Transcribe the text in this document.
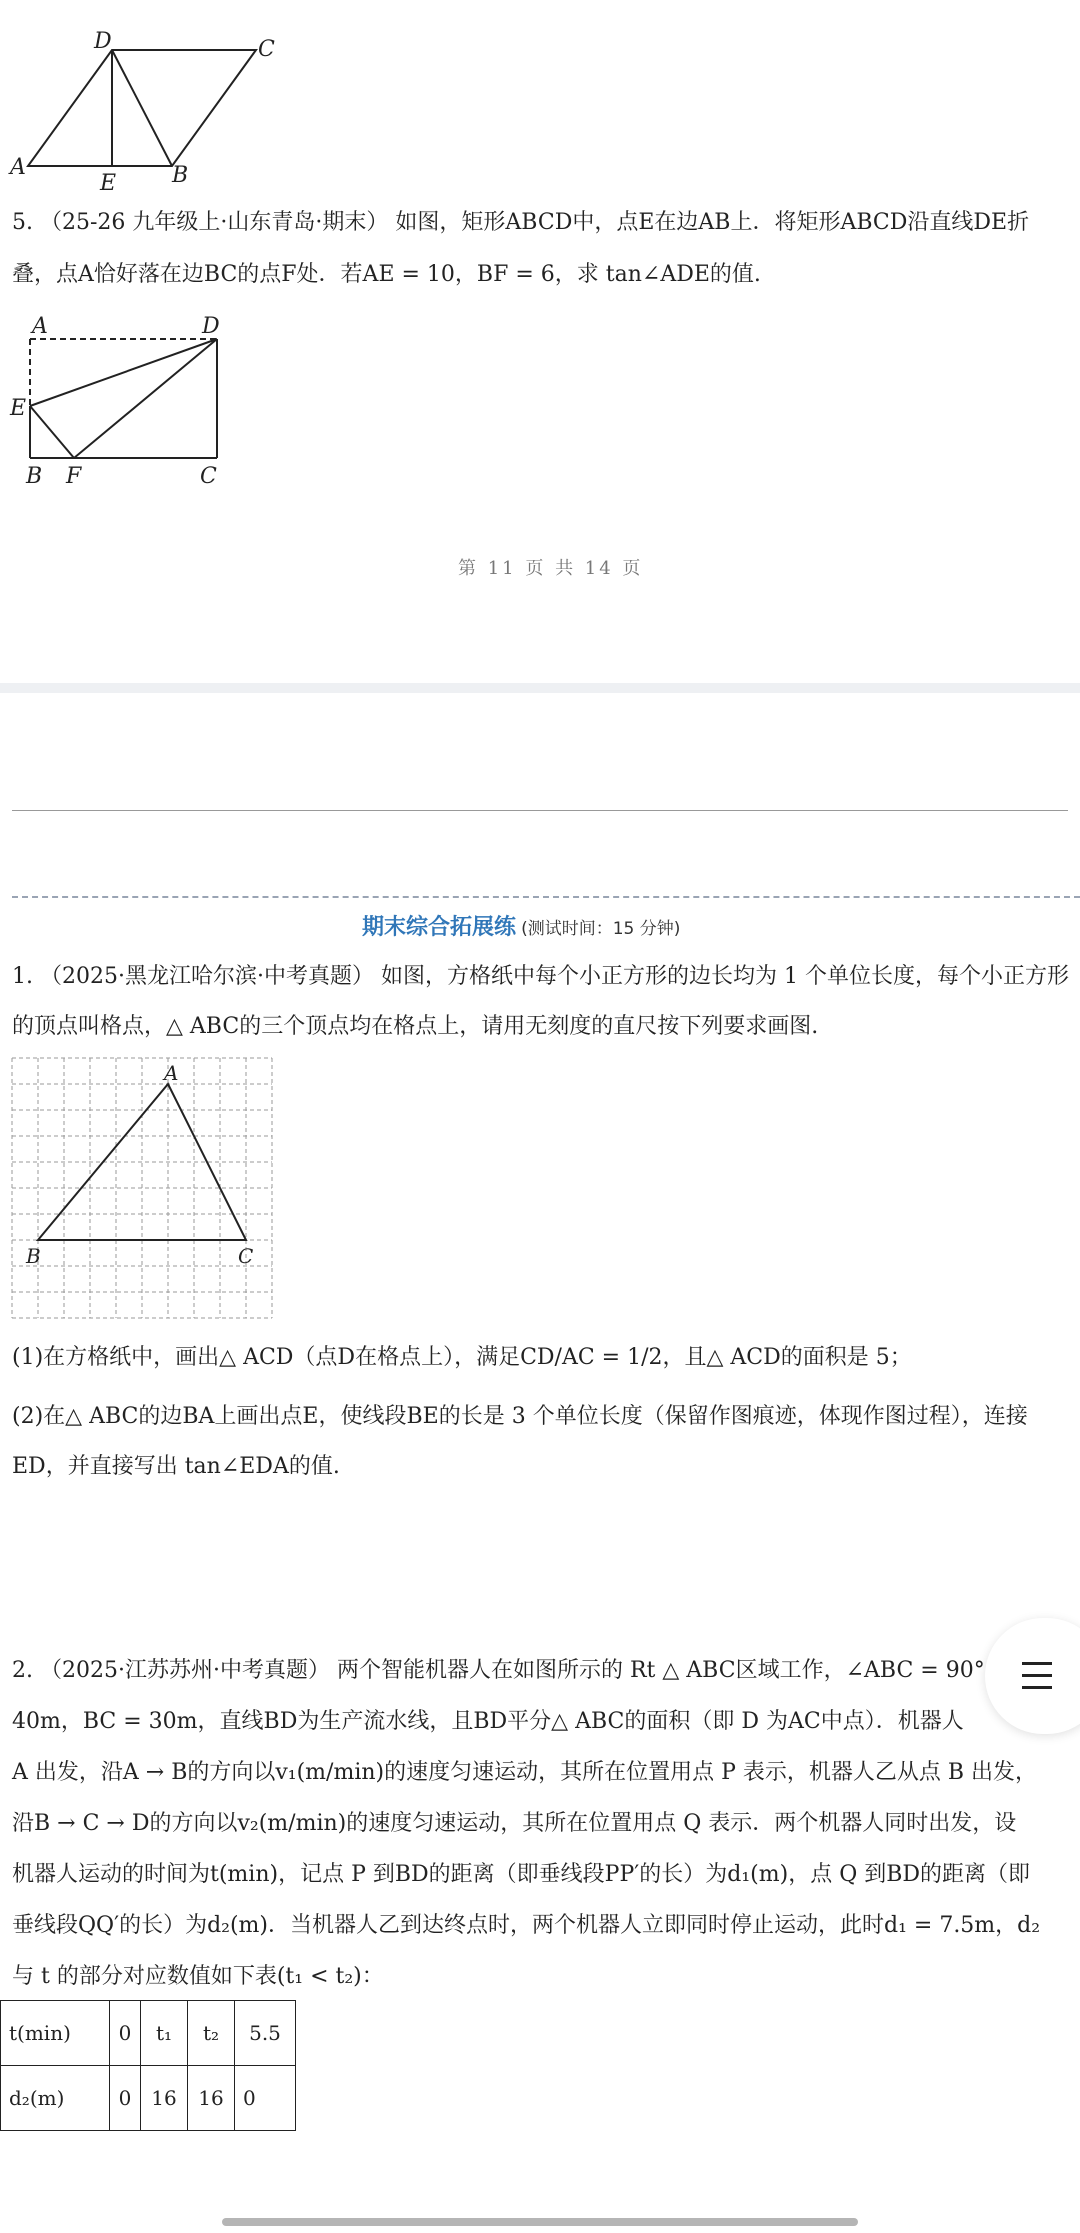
D	C
A
E	B
5. （25-26 九年级上·山东青岛·期末） 如图，矩形ABCD中，点E在边AB上．将矩形ABCD沿直线DE折
叠，点A恰好落在边BC的点F处．若AE = 10，BF = 6，求 tan∠ADE的值.
A	D
E
B F	C
第 11 页 共 14 页
期末综合拓展练 (测试时间：15 分钟)
1. （2025·黑龙江哈尔滨·中考真题） 如图，方格纸中每个小正方形的边长均为 1 个单位长度，每个小正方形
的顶点叫格点，△ ABC的三个顶点均在格点上，请用无刻度的直尺按下列要求画图.
A
B	C
(1)在方格纸中，画出△ ACD（点D在格点上），满足CD/AC = 1/2，且△ ACD的面积是 5；
(2)在△ ABC的边BA上画出点E，使线段BE的长是 3 个单位长度（保留作图痕迹，体现作图过程），连接
ED，并直接写出 tan∠EDA的值.
2. （2025·江苏苏州·中考真题） 两个智能机器人在如图所示的 Rt △ ABC区域工作，∠ABC = 90°
40m，BC = 30m，直线BD为生产流水线，且BD平分△ ABC的面积（即 D 为AC中点）．机器人
A 出发，沿A → B的方向以v₁(m/min)的速度匀速运动，其所在位置用点 P 表示，机器人乙从点 B 出发，
沿B → C → D的方向以v₂(m/min)的速度匀速运动，其所在位置用点 Q 表示．两个机器人同时出发，设
机器人运动的时间为t(min)，记点 P 到BD的距离（即垂线段PP′的长）为d₁(m)，点 Q 到BD的距离（即
垂线段QQ′的长）为d₂(m)．当机器人乙到达终点时，两个机器人立即同时停止运动，此时d₁ = 7.5m，d₂
与 t 的部分对应数值如下表(t₁ < t₂)：
t(min)	0	t₁	t₂	5.5
d₂(m)	0	16	16	0
